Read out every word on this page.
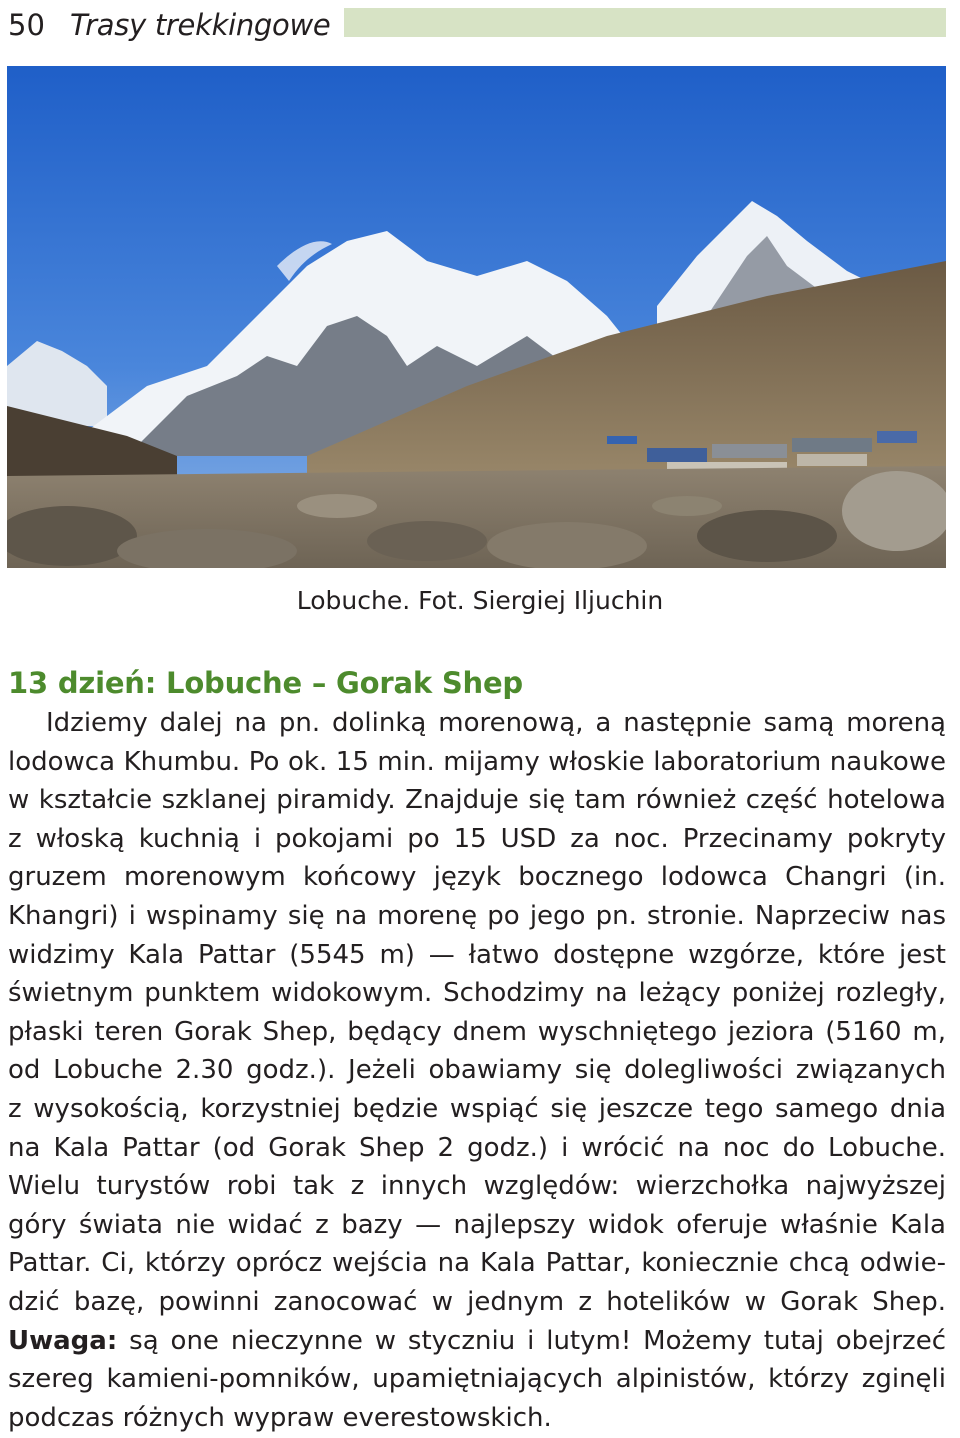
50 Trasy trekkingowe
Lobuche. Fot. Siergiej Iljuchin
13 dzień: Lobuche – Gorak Shep
Idziemy dalej na pn. dolinką morenową, a następnie samą moreną
lodowca Khumbu. Po ok. 15 min. mijamy włoskie laboratorium naukowe
w kształcie szklanej piramidy. Znajduje się tam również część hotelowa
z włoską kuchnią i pokojami po 15 USD za noc. Przecinamy pokryty
gruzem morenowym końcowy język bocznego lodowca Changri (in.
Khangri) i wspinamy się na morenę po jego pn. stronie. Naprzeciw nas
widzimy Kala Pattar (5545 m) — łatwo dostępne wzgórze, które jest
świetnym punktem widokowym. Schodzimy na leżący poniżej rozległy,
płaski teren Gorak Shep, będący dnem wyschniętego jeziora (5160 m,
od Lobuche 2.30 godz.). Jeżeli obawiamy się dolegliwości związanych
z wysokością, korzystniej będzie wspiąć się jeszcze tego samego dnia
na Kala Pattar (od Gorak Shep 2 godz.) i wrócić na noc do Lobuche.
Wielu turystów robi tak z innych względów: wierzchołka najwyższej
góry świata nie widać z bazy — najlepszy widok oferuje właśnie Kala
Pattar. Ci, którzy oprócz wejścia na Kala Pattar, koniecznie chcą odwie-
dzić bazę, powinni zanocować w jednym z hotelików w Gorak Shep.
Uwaga: są one nieczynne w styczniu i lutym! Możemy tutaj obejrzeć
szereg kamieni-pomników, upamiętniających alpinistów, którzy zginęli
podczas różnych wypraw everestowskich.
